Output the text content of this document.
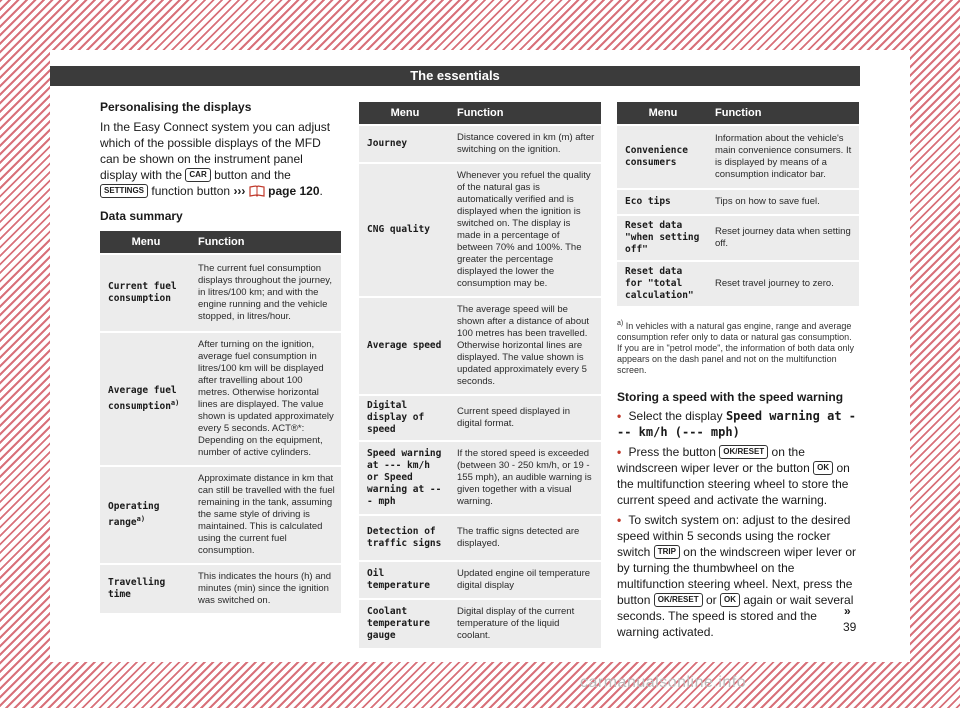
The essentials

Personalising the displays

In the Easy Connect system you can adjust which of the possible displays of the MFD can be shown on the instrument panel display with the CAR button and the SETTINGS function button ››› page 120.

Data summary

Menu	Function
Current fuel consumption	The current fuel consumption displays throughout the journey, in litres/100 km; and with the engine running and the vehicle stopped, in litres/hour.
Average fuel consumption$^{a)}$	After turning on the ignition, average fuel consumption in litres/100 km will be displayed after travelling about 100 metres. Otherwise horizontal lines are displayed. The value shown is updated approximately every 5 seconds. ACT®*: Depending on the equipment, number of active cylinders.
Operating range$^{a)}$	Approximate distance in km that can still be travelled with the fuel remaining in the tank, assuming the same style of driving is maintained. This is calculated using the current fuel consumption.
Travelling time	This indicates the hours (h) and minutes (min) since the ignition was switched on.
Menu	Function
Journey	Distance covered in km (m) after switching on the ignition.
CNG quality	Whenever you refuel the quality of the natural gas is automatically verified and is displayed when the ignition is switched on. The display is made in a percentage of between 70% and 100%. The greater the percentage displayed the lower the consumption may be.
Average speed	The average speed will be shown after a distance of about 100 metres has been travelled. Otherwise horizontal lines are displayed. The value shown is updated approximately every 5 seconds.
Digital display of speed	Current speed displayed in digital format.
Speed warning at --- km/h or Speed warning at --- mph	If the stored speed is exceeded (between 30 - 250 km/h, or 19 - 155 mph), an audible warning is given together with a visual warning.
Detection of traffic signs	The traffic signs detected are displayed.
Oil temperature	Updated engine oil temperature digital display
Coolant temperature gauge	Digital display of the current temperature of the liquid coolant.
Menu	Function
Convenience consumers	Information about the vehicle's main convenience consumers. It is displayed by means of a consumption indicator bar.
Eco tips	Tips on how to save fuel.
Reset data "when setting off"	Reset journey data when setting off.
Reset data for "total calculation"	Reset travel journey to zero.

$^{a)}$ In vehicles with a natural gas engine, range and average consumption refer only to data or natural gas consumption. If you are in "petrol mode", the information of both data only appears on the dash panel and not on the multifunction screen.

Storing a speed with the speed warning

• Select the display Speed warning at --- km/h (--- mph)

• Press the button OK/RESET on the windscreen wiper lever or the button OK on the multifunction steering wheel to store the current speed and activate the warning.

• To switch system on: adjust to the desired speed within 5 seconds using the rocker switch TRIP on the windscreen wiper lever or by turning the thumbwheel on the multifunction steering wheel. Next, press the button OK/RESET or OK again or wait several seconds. The speed is stored and the warning activated.

»
39
carmanualsonline.info
